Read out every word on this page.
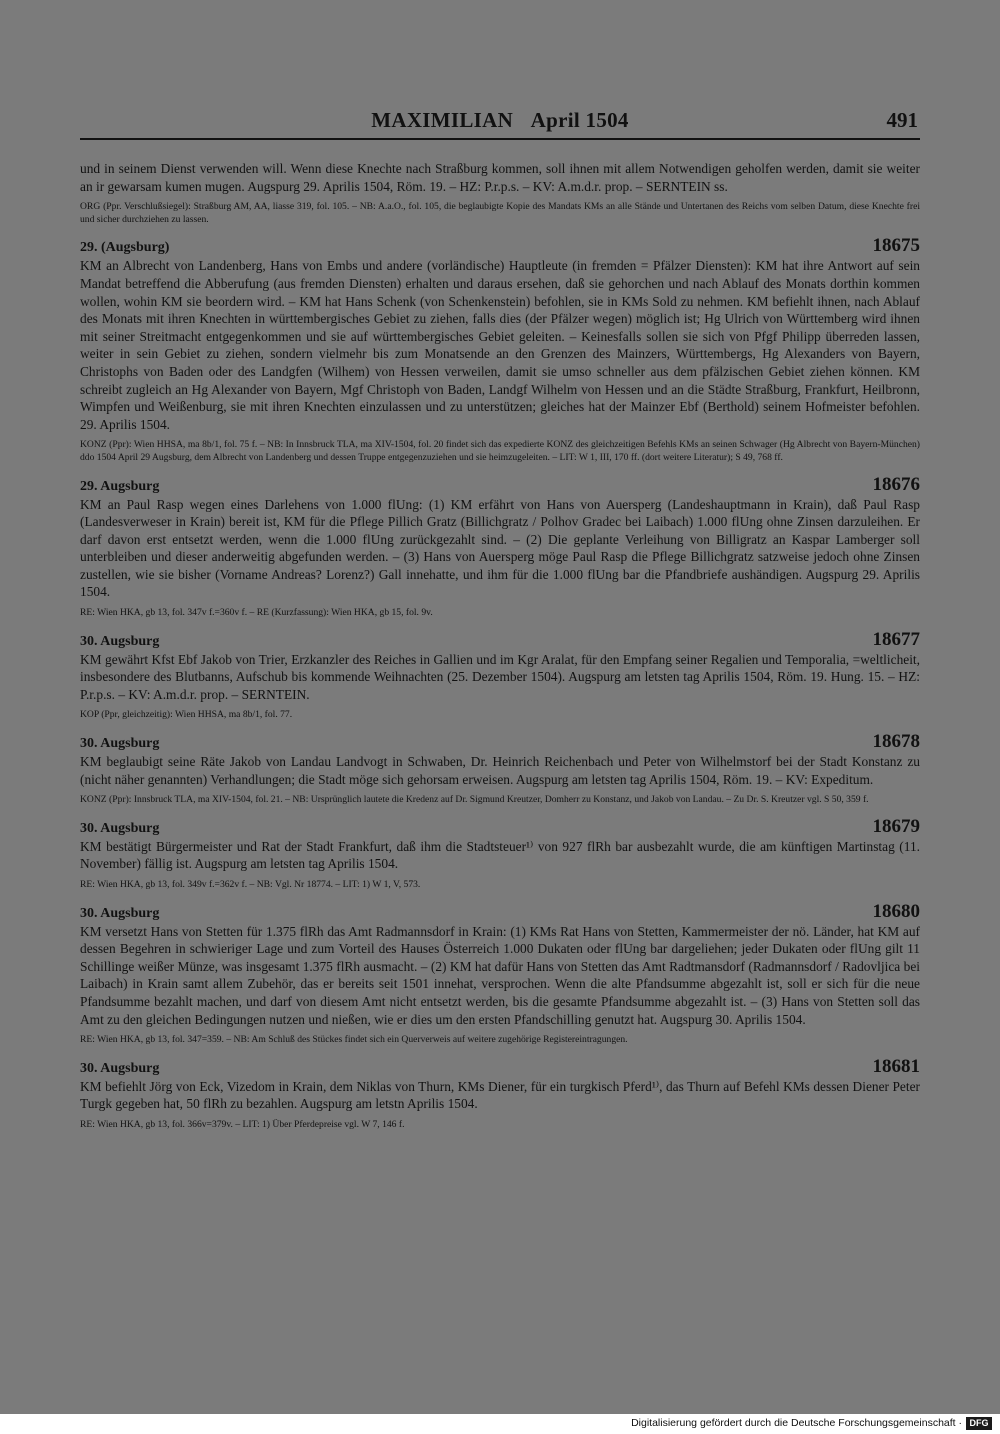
MAXIMILIAN April 1504	491

und in seinem Dienst verwenden will. Wenn diese Knechte nach Straßburg kommen, soll ihnen mit allem Notwendigen geholfen werden, damit sie weiter an ir gewarsam kumen mugen. Augspurg 29. Aprilis 1504, Röm. 19. – HZ: P.r.p.s. – KV: A.m.d.r. prop. – SERNTEIN ss.

ORG (Ppr. Verschlußsiegel): Straßburg AM, AA, liasse 319, fol. 105. – NB: A.a.O., fol. 105, die beglaubigte Kopie des Mandats KMs an alle Stände und Untertanen des Reichs vom selben Datum, diese Knechte frei und sicher durchziehen zu lassen.

29. (Augsburg)	18675

KM an Albrecht von Landenberg, Hans von Embs und andere (vorländische) Hauptleute (in fremden = Pfälzer Diensten): KM hat ihre Antwort auf sein Mandat betreffend die Abberufung (aus fremden Diensten) erhalten und daraus ersehen, daß sie gehorchen und nach Ablauf des Monats dorthin kommen wollen, wohin KM sie beordern wird. – KM hat Hans Schenk (von Schenkenstein) befohlen, sie in KMs Sold zu nehmen. KM befiehlt ihnen, nach Ablauf des Monats mit ihren Knechten in württembergisches Gebiet zu ziehen, falls dies (der Pfälzer wegen) möglich ist; Hg Ulrich von Württemberg wird ihnen mit seiner Streitmacht entgegenkommen und sie auf württembergisches Gebiet geleiten. – Keinesfalls sollen sie sich von Pfgf Philipp überreden lassen, weiter in sein Gebiet zu ziehen, sondern vielmehr bis zum Monatsende an den Grenzen des Mainzers, Württembergs, Hg Alexanders von Bayern, Christophs von Baden oder des Landgfen (Wilhem) von Hessen verweilen, damit sie umso schneller aus dem pfälzischen Gebiet ziehen können. KM schreibt zugleich an Hg Alexander von Bayern, Mgf Christoph von Baden, Landgf Wilhelm von Hessen und an die Städte Straßburg, Frankfurt, Heilbronn, Wimpfen und Weißenburg, sie mit ihren Knechten einzulassen und zu unterstützen; gleiches hat der Mainzer Ebf (Berthold) seinem Hofmeister befohlen. 29. Aprilis 1504.

KONZ (Ppr): Wien HHSA, ma 8b/1, fol. 75 f. – NB: In Innsbruck TLA, ma XIV-1504, fol. 20 findet sich das expedierte KONZ des gleichzeitigen Befehls KMs an seinen Schwager (Hg Albrecht von Bayern-München) ddo 1504 April 29 Augsburg, dem Albrecht von Landenberg und dessen Truppe entgegenzuziehen und sie heimzugeleiten. – LIT: W 1, III, 170 ff. (dort weitere Literatur); S 49, 768 ff.

29. Augsburg	18676

KM an Paul Rasp wegen eines Darlehens von 1.000 flUng: (1) KM erfährt von Hans von Auersperg (Landeshauptmann in Krain), daß Paul Rasp (Landesverweser in Krain) bereit ist, KM für die Pflege Pillich Gratz (Billichgratz / Polhov Gradec bei Laibach) 1.000 flUng ohne Zinsen darzuleihen. Er darf davon erst entsetzt werden, wenn die 1.000 flUng zurückgezahlt sind. – (2) Die geplante Verleihung von Billigratz an Kaspar Lamberger soll unterbleiben und dieser anderweitig abgefunden werden. – (3) Hans von Auersperg möge Paul Rasp die Pflege Billichgratz satzweise jedoch ohne Zinsen zustellen, wie sie bisher (Vorname Andreas? Lorenz?) Gall innehatte, und ihm für die 1.000 flUng bar die Pfandbriefe aushändigen. Augspurg 29. Aprilis 1504.

RE: Wien HKA, gb 13, fol. 347v f.=360v f. – RE (Kurzfassung): Wien HKA, gb 15, fol. 9v.

30. Augsburg	18677

KM gewährt Kfst Ebf Jakob von Trier, Erzkanzler des Reiches in Gallien und im Kgr Aralat, für den Empfang seiner Regalien und Temporalia, =weltlicheit, insbesondere des Blutbanns, Aufschub bis kommende Weihnachten (25. Dezember 1504). Augspurg am letsten tag Aprilis 1504, Röm. 19. Hung. 15. – HZ: P.r.p.s. – KV: A.m.d.r. prop. – SERNTEIN.

KOP (Ppr, gleichzeitig): Wien HHSA, ma 8b/1, fol. 77.

30. Augsburg	18678

KM beglaubigt seine Räte Jakob von Landau Landvogt in Schwaben, Dr. Heinrich Reichenbach und Peter von Wilhelmstorf bei der Stadt Konstanz zu (nicht näher genannten) Verhandlungen; die Stadt möge sich gehorsam erweisen. Augspurg am letsten tag Aprilis 1504, Röm. 19. – KV: Expeditum.

KONZ (Ppr): Innsbruck TLA, ma XIV-1504, fol. 21. – NB: Ursprünglich lautete die Kredenz auf Dr. Sigmund Kreutzer, Domherr zu Konstanz, und Jakob von Landau. – Zu Dr. S. Kreutzer vgl. S 50, 359 f.

30. Augsburg	18679

KM bestätigt Bürgermeister und Rat der Stadt Frankfurt, daß ihm die Stadtsteuer¹⁾ von 927 flRh bar ausbezahlt wurde, die am künftigen Martinstag (11. November) fällig ist. Augspurg am letsten tag Aprilis 1504.

RE: Wien HKA, gb 13, fol. 349v f.=362v f. – NB: Vgl. Nr 18774. – LIT: 1) W 1, V, 573.

30. Augsburg	18680

KM versetzt Hans von Stetten für 1.375 flRh das Amt Radmannsdorf in Krain: (1) KMs Rat Hans von Stetten, Kammermeister der nö. Länder, hat KM auf dessen Begehren in schwieriger Lage und zum Vorteil des Hauses Österreich 1.000 Dukaten oder flUng bar dargeliehen; jeder Dukaten oder flUng gilt 11 Schillinge weißer Münze, was insgesamt 1.375 flRh ausmacht. – (2) KM hat dafür Hans von Stetten das Amt Radtmansdorf (Radmannsdorf / Radovljica bei Laibach) in Krain samt allem Zubehör, das er bereits seit 1501 innehat, versprochen. Wenn die alte Pfandsumme abgezahlt ist, soll er sich für die neue Pfandsumme bezahlt machen, und darf von diesem Amt nicht entsetzt werden, bis die gesamte Pfandsumme abgezahlt ist. – (3) Hans von Stetten soll das Amt zu den gleichen Bedingungen nutzen und nießen, wie er dies um den ersten Pfandschilling genutzt hat. Augspurg 30. Aprilis 1504.

RE: Wien HKA, gb 13, fol. 347=359. – NB: Am Schluß des Stückes findet sich ein Querverweis auf weitere zugehörige Registereintragungen.

30. Augsburg	18681

KM befiehlt Jörg von Eck, Vizedom in Krain, dem Niklas von Thurn, KMs Diener, für ein turgkisch Pferd¹⁾, das Thurn auf Befehl KMs dessen Diener Peter Turgk gegeben hat, 50 flRh zu bezahlen. Augspurg am letstn Aprilis 1504.

RE: Wien HKA, gb 13, fol. 366v=379v. – LIT: 1) Über Pferdepreise vgl. W 7, 146 f.

Digitalisierung gefördert durch die Deutsche Forschungsgemeinschaft · DFG
